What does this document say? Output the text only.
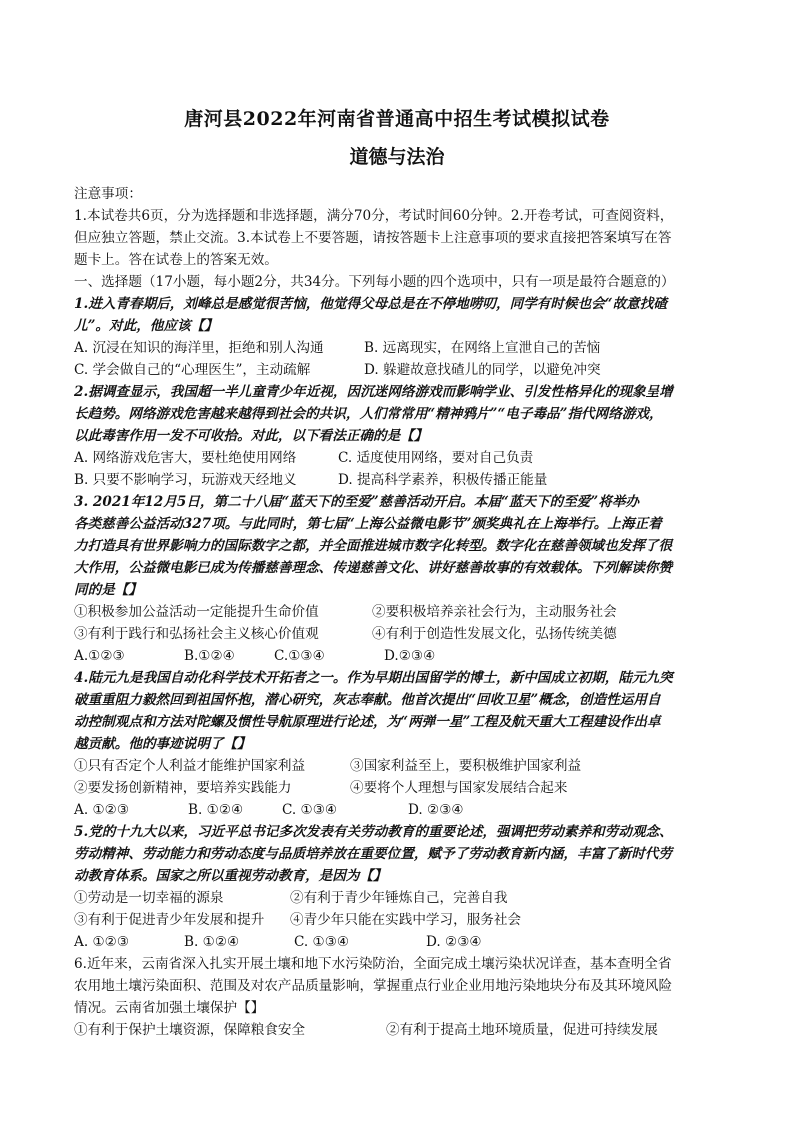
唐河县2022年河南省普通高中招生考试模拟试卷
道德与法治
注意事项：
1.本试卷共6页，分为选择题和非选择题，满分70分，考试时间60分钟。2.开卷考试，可查阅资料，
但应独立答题，禁止交流。3.本试卷上不要答题，请按答题卡上注意事项的要求直接把答案填写在答
题卡上。答在试卷上的答案无效。
一、选择题（17小题，每小题2分，共34分。下列每小题的四个选项中，只有一项是最符合题意的）
1.进入青春期后，刘峰总是感觉很苦恼，他觉得父母总是在不停地唠叨，同学有时候也会“故意找碴
儿”。对此，他应该【】
A. 沉浸在知识的海洋里，拒绝和别人沟通	B. 远离现实，在网络上宣泄自己的苦恼
C. 学会做自己的“心理医生”，主动疏解	D. 躲避故意找碴儿的同学，以避免冲突
2.据调查显示，我国超一半儿童青少年近视，因沉迷网络游戏而影响学业、引发性格异化的现象呈增
长趋势。网络游戏危害越来越得到社会的共识，人们常常用“精神鸦片”“电子毒品”指代网络游戏，
以此毒害作用一发不可收拾。对此，以下看法正确的是【】
A. 网络游戏危害大，要杜绝使用网络	C. 适度使用网络，要对自己负责
B. 只要不影响学习，玩游戏天经地义	D. 提高科学素养，积极传播正能量
3. 2021年12月5日，第二十八届“蓝天下的至爱”慈善活动开启。本届“蓝天下的至爱”将举办
各类慈善公益活动327项。与此同时，第七届“上海公益微电影节”颁奖典礼在上海举行。上海正着
力打造具有世界影响力的国际数字之都，并全面推进城市数字化转型。数字化在慈善领域也发挥了很
大作用，公益微电影已成为传播慈善理念、传递慈善文化、讲好慈善故事的有效载体。下列解读你赞
同的是【】
①积极参加公益活动一定能提升生命价值	②要积极培养亲社会行为，主动服务社会
③有利于践行和弘扬社会主义核心价值观	④有利于创造性发展文化，弘扬传统美德
A.①②③	B.①②④	C.①③④	D.②③④
4.陆元九是我国自动化科学技术开拓者之一。作为早期出国留学的博士，新中国成立初期，陆元九突
破重重阻力毅然回到祖国怀抱，潜心研究，灰志奉献。他首次提出“回收卫星”概念，创造性运用自
动控制观点和方法对陀螺及惯性导航原理进行论述，为“两弹一星”工程及航天重大工程建设作出卓
越贡献。他的事迹说明了【】
①只有否定个人利益才能维护国家利益	③国家利益至上，要积极维护国家利益
②要发扬创新精神，要培养实践能力	④要将个人理想与国家发展结合起来
A. ①②③	B. ①②④	C. ①③④	D. ②③④
5.党的十九大以来，习近平总书记多次发表有关劳动教育的重要论述，强调把劳动素养和劳动观念、
劳动精神、劳动能力和劳动态度与品质培养放在重要位置，赋予了劳动教育新内涵，丰富了新时代劳
动教育体系。国家之所以重视劳动教育，是因为【】
①劳动是一切幸福的源泉	②有利于青少年锤炼自己，完善自我
③有利于促进青少年发展和提升 ④青少年只能在实践中学习，服务社会
A. ①②③	B. ①②④	C. ①③④	D. ②③④
6.近年来，云南省深入扎实开展土壤和地下水污染防治，全面完成土壤污染状况详查，基本查明全省
农用地土壤污染面积、范围及对农产品质量影响，掌握重点行业企业用地污染地块分布及其环境风险
情况。云南省加强土壤保护【】
①有利于保护土壤资源，保障粮食安全	②有利于提高土地环境质量，促进可持续发展
